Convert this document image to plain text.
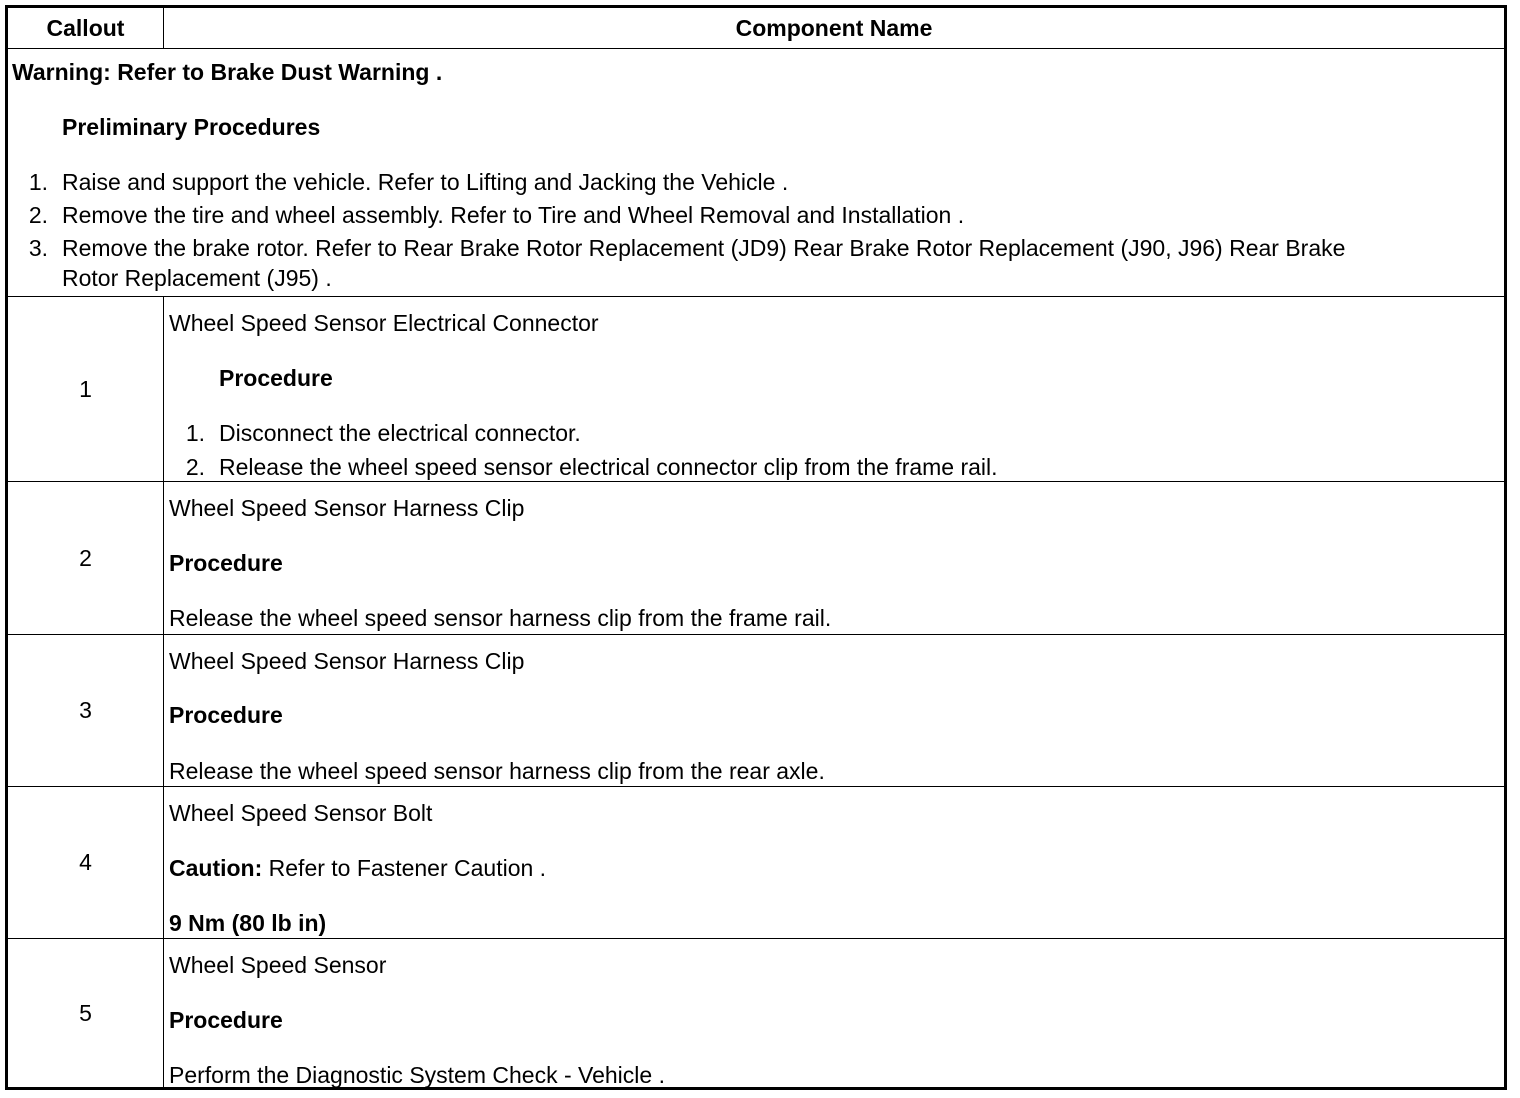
Callout	Component Name
Warning: Refer to Brake Dust Warning .
Preliminary Procedures
1. Raise and support the vehicle. Refer to Lifting and Jacking the Vehicle .
2. Remove the tire and wheel assembly. Refer to Tire and Wheel Removal and Installation .
3. Remove the brake rotor. Refer to Rear Brake Rotor Replacement (JD9) Rear Brake Rotor Replacement (J90, J96) Rear Brake
Rotor Replacement (J95) .
1
Wheel Speed Sensor Electrical Connector
Procedure
1. Disconnect the electrical connector.
2. Release the wheel speed sensor electrical connector clip from the frame rail.
2
Wheel Speed Sensor Harness Clip
Procedure
Release the wheel speed sensor harness clip from the frame rail.
3
Wheel Speed Sensor Harness Clip
Procedure
Release the wheel speed sensor harness clip from the rear axle.
4
Wheel Speed Sensor Bolt
Caution: Refer to Fastener Caution .
9 Nm (80 lb in)
5
Wheel Speed Sensor
Procedure
Perform the Diagnostic System Check - Vehicle .
